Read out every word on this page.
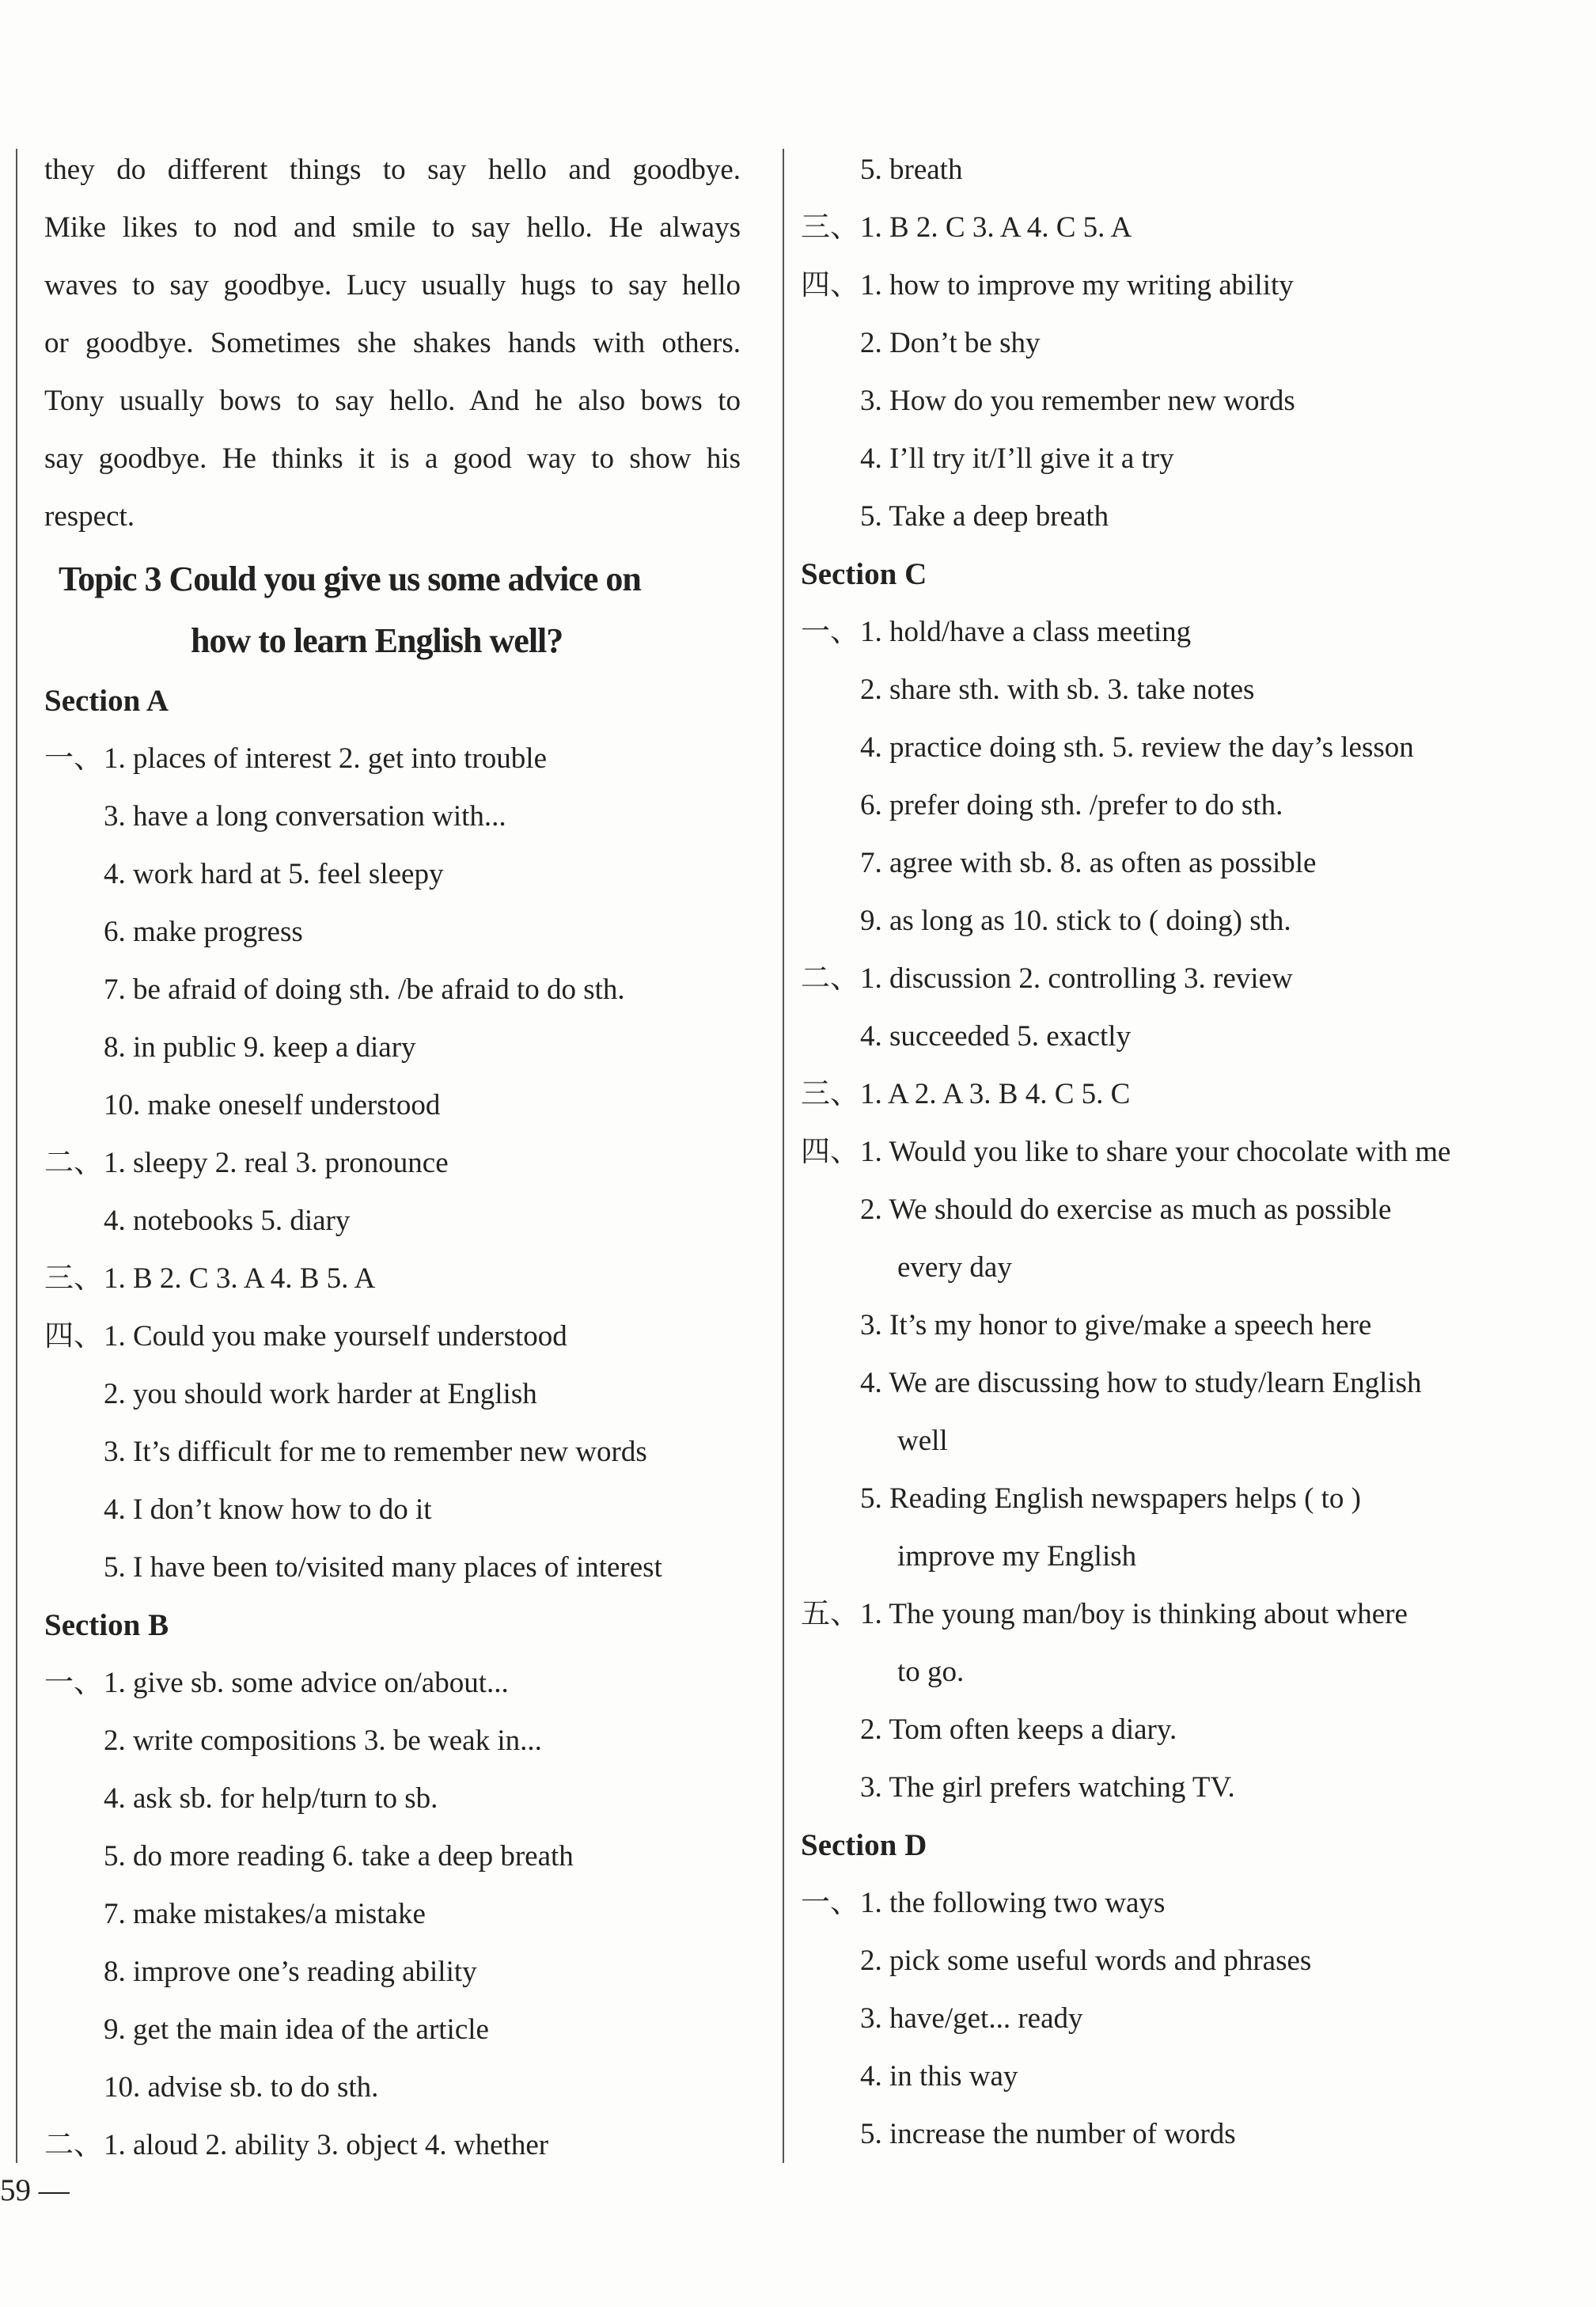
they do different things to say hello and goodbye.
Mike likes to nod and smile to say hello. He always
waves to say goodbye. Lucy usually hugs to say hello
or goodbye. Sometimes she shakes hands with others.
Tony usually bows to say hello. And he also bows to
say goodbye. He thinks it is a good way to show his
respect.
Topic 3 Could you give us some advice on
how to learn English well?
Section A
一、 1. places of interest 2. get into trouble
3. have a long conversation with...
4. work hard at 5. feel sleepy
6. make progress
7. be afraid of doing sth. /be afraid to do sth.
8. in public 9. keep a diary
10. make oneself understood
二、 1. sleepy 2. real 3. pronounce
4. notebooks 5. diary
三、 1. B 2. C 3. A 4. B 5. A
四、 1. Could you make yourself understood
2. you should work harder at English
3. It’s difficult for me to remember new words
4. I don’t know how to do it
5. I have been to/visited many places of interest
Section B
一、 1. give sb. some advice on/about...
2. write compositions 3. be weak in...
4. ask sb. for help/turn to sb.
5. do more reading 6. take a deep breath
7. make mistakes/a mistake
8. improve one’s reading ability
9. get the main idea of the article
10. advise sb. to do sth.
二、 1. aloud 2. ability 3. object 4. whether
5. breath
三、 1. B 2. C 3. A 4. C 5. A
四、 1. how to improve my writing ability
2. Don’t be shy
3. How do you remember new words
4. I’ll try it/I’ll give it a try
5. Take a deep breath
Section C
一、 1. hold/have a class meeting
2. share sth. with sb. 3. take notes
4. practice doing sth. 5. review the day’s lesson
6. prefer doing sth. /prefer to do sth.
7. agree with sb. 8. as often as possible
9. as long as 10. stick to ( doing) sth.
二、 1. discussion 2. controlling 3. review
4. succeeded 5. exactly
三、 1. A 2. A 3. B 4. C 5. C
四、 1. Would you like to share your chocolate with me
2. We should do exercise as much as possible
every day
3. It’s my honor to give/make a speech here
4. We are discussing how to study/learn English
well
5. Reading English newspapers helps ( to )
improve my English
五、 1. The young man/boy is thinking about where
to go.
2. Tom often keeps a diary.
3. The girl prefers watching TV.
Section D
一、 1. the following two ways
2. pick some useful words and phrases
3. have/get... ready
4. in this way
5. increase the number of words
59 —
